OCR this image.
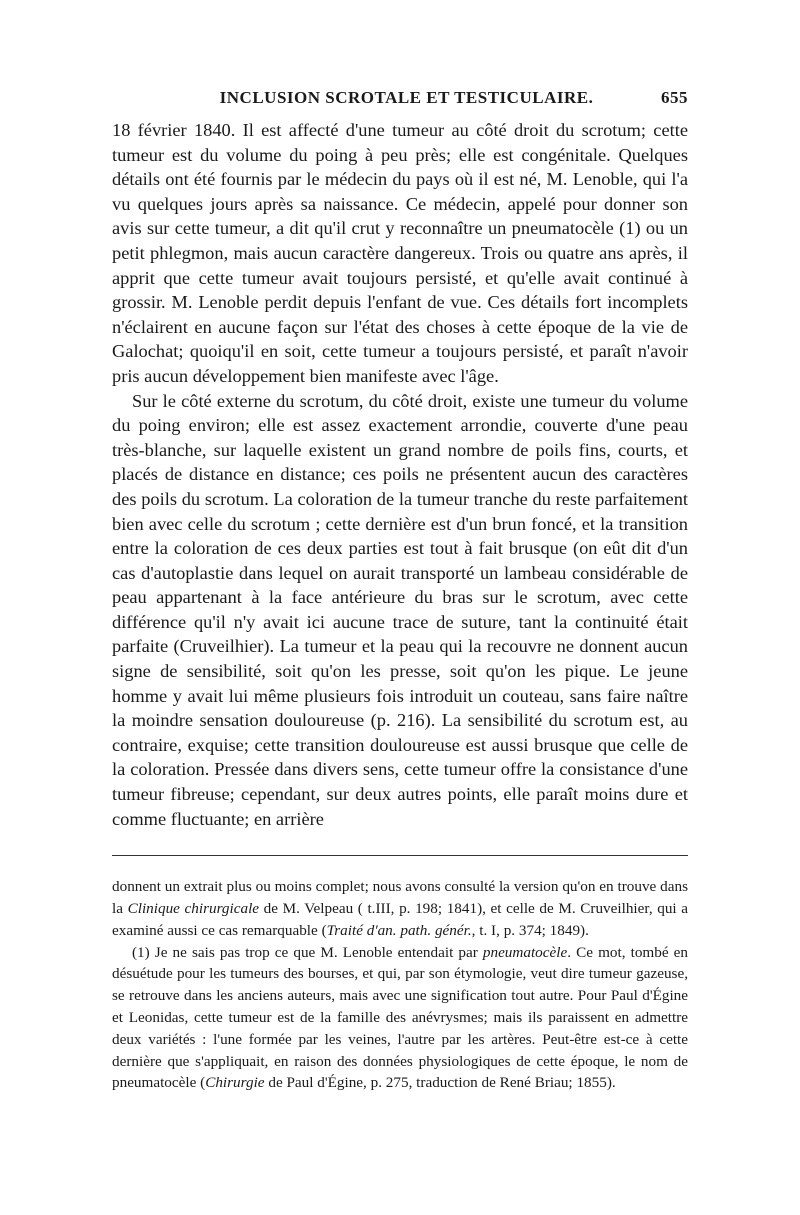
INCLUSION SCROTALE ET TESTICULAIRE.	655

18 février 1840. Il est affecté d'une tumeur au côté droit du scrotum; cette tumeur est du volume du poing à peu près; elle est congénitale. Quelques détails ont été fournis par le médecin du pays où il est né, M. Lenoble, qui l'a vu quelques jours après sa naissance. Ce médecin, appelé pour donner son avis sur cette tumeur, a dit qu'il crut y reconnaître un pneumatocèle (1) ou un petit phlegmon, mais aucun caractère dangereux. Trois ou quatre ans après, il apprit que cette tumeur avait toujours persisté, et qu'elle avait continué à grossir. M. Lenoble perdit depuis l'enfant de vue. Ces détails fort incomplets n'éclairent en aucune façon sur l'état des choses à cette époque de la vie de Galochat; quoiqu'il en soit, cette tumeur a toujours persisté, et paraît n'avoir pris aucun développement bien manifeste avec l'âge.

Sur le côté externe du scrotum, du côté droit, existe une tumeur du volume du poing environ; elle est assez exactement arrondie, couverte d'une peau très-blanche, sur laquelle existent un grand nombre de poils fins, courts, et placés de distance en distance; ces poils ne présentent aucun des caractères des poils du scrotum. La coloration de la tumeur tranche du reste parfaitement bien avec celle du scrotum ; cette dernière est d'un brun foncé, et la transition entre la coloration de ces deux parties est tout à fait brusque (on eût dit d'un cas d'autoplastie dans lequel on aurait transporté un lambeau considérable de peau appartenant à la face antérieure du bras sur le scrotum, avec cette différence qu'il n'y avait ici aucune trace de suture, tant la continuité était parfaite (Cruveilhier). La tumeur et la peau qui la recouvre ne donnent aucun signe de sensibilité, soit qu'on les presse, soit qu'on les pique. Le jeune homme y avait lui même plusieurs fois introduit un couteau, sans faire naître la moindre sensation douloureuse (p. 216). La sensibilité du scrotum est, au contraire, exquise; cette transition douloureuse est aussi brusque que celle de la coloration. Pressée dans divers sens, cette tumeur offre la consistance d'une tumeur fibreuse; cependant, sur deux autres points, elle paraît moins dure et comme fluctuante; en arrière

donnent un extrait plus ou moins complet; nous avons consulté la version qu'on en trouve dans la Clinique chirurgicale de M. Velpeau ( t.III, p. 198; 1841), et celle de M. Cruveilhier, qui a examiné aussi ce cas remarquable (Traité d'an. path. génér., t. I, p. 374; 1849).

(1) Je ne sais pas trop ce que M. Lenoble entendait par pneumatocèle. Ce mot, tombé en désuétude pour les tumeurs des bourses, et qui, par son étymologie, veut dire tumeur gazeuse, se retrouve dans les anciens auteurs, mais avec une signification tout autre. Pour Paul d'Égine et Leonidas, cette tumeur est de la famille des anévrysmes; mais ils paraissent en admettre deux variétés : l'une formée par les veines, l'autre par les artères. Peut-être est-ce à cette dernière que s'appliquait, en raison des données physiologiques de cette époque, le nom de pneumatocèle (Chirurgie de Paul d'Égine, p. 275, traduction de René Briau; 1855).
